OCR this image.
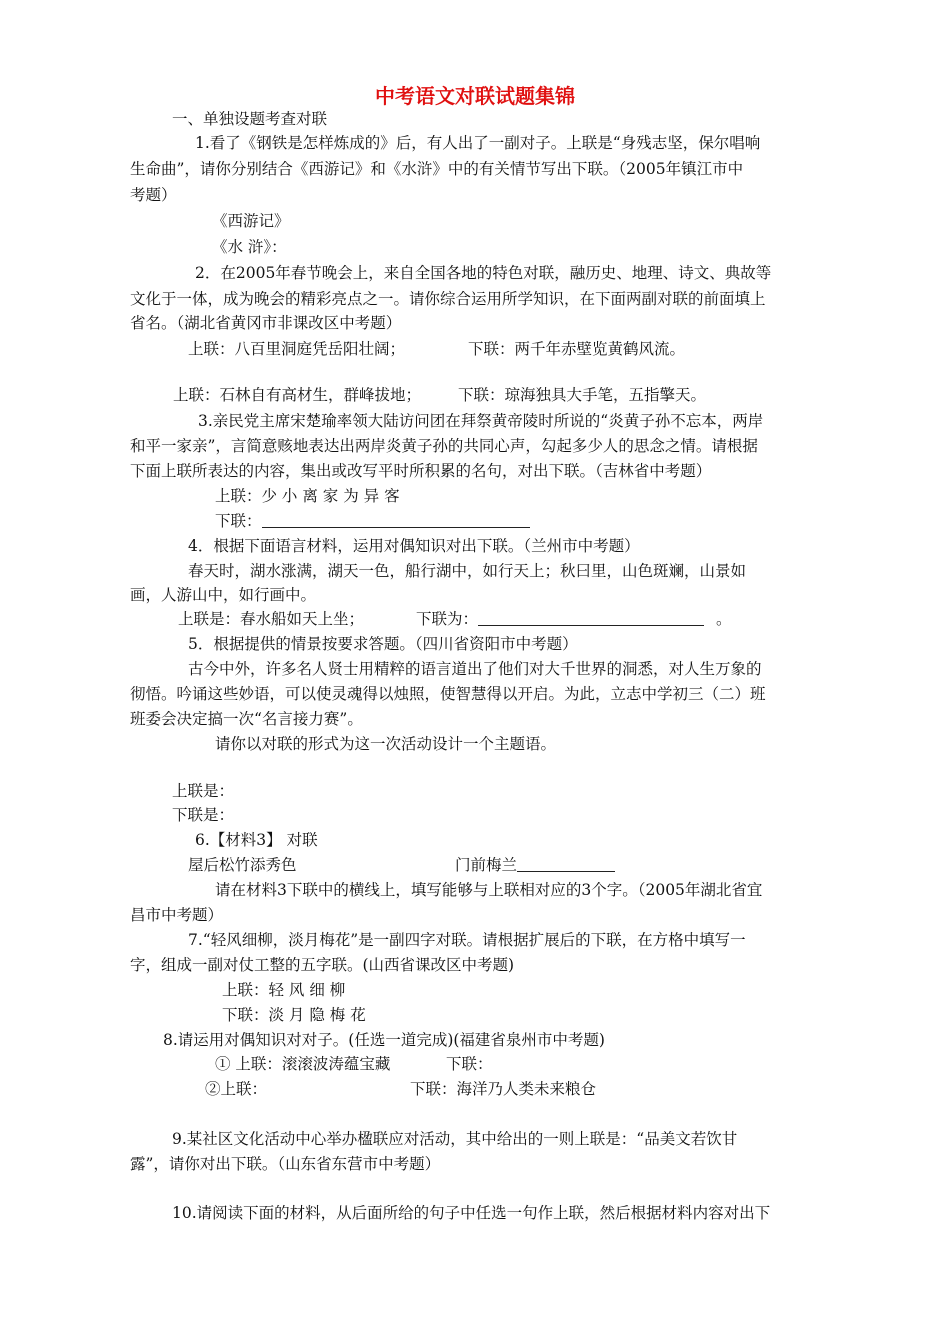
中考语文对联试题集锦
一、单独设题考查对联
1.看了《钢铁是怎样炼成的》后，有人出了一副对子。上联是“身残志坚，保尔唱响
生命曲”，请你分别结合《西游记》和《水浒》中的有关情节写出下联。（2005年镇江市中
考题）
《西游记》
《水 浒》：
2．在2005年春节晚会上，来自全国各地的特色对联，融历史、地理、诗文、典故等
文化于一体，成为晚会的精彩亮点之一。请你综合运用所学知识，在下面两副对联的前面填上
省名。（湖北省黄冈市非课改区中考题）
上联：八百里洞庭凭岳阳壮阔；	下联：两千年赤壁览黄鹤风流。
上联：石林自有高材生，群峰拔地； 下联：琼海独具大手笔，五指擎天。
3.亲民党主席宋楚瑜率领大陆访问团在拜祭黄帝陵时所说的“炎黄子孙不忘本，两岸
和平一家亲”，言简意赅地表达出两岸炎黄子孙的共同心声，勾起多少人的思念之情。请根据
下面上联所表达的内容，集出或改写平时所积累的名句，对出下联。（吉林省中考题）
上联：少 小 离 家 为 异 客
下联：
4．根据下面语言材料，运用对偶知识对出下联。（兰州市中考题）
春天时，湖水涨满，湖天一色，船行湖中，如行天上；秋曰里，山色斑斓，山景如
画，人游山中，如行画中。
上联是：春水船如天上坐；	下联为：	。
5．根据提供的情景按要求答题。（四川省资阳市中考题）
古今中外，许多名人贤士用精粹的语言道出了他们对大千世界的洞悉，对人生万象的
彻悟。吟诵这些妙语，可以使灵魂得以烛照，使智慧得以开启。为此，立志中学初三（二）班
班委会决定搞一次“名言接力赛”。
请你以对联的形式为这一次活动设计一个主题语。
上联是：
下联是：
6.【材料3】 对联
屋后松竹添秀色	门前梅兰
请在材料3下联中的横线上，填写能够与上联相对应的3个字。（2005年湖北省宜
昌市中考题）
7.“轻风细柳，淡月梅花”是一副四字对联。请根据扩展后的下联，在方格中填写一
字，组成一副对仗工整的五字联。(山西省课改区中考题)
上联：轻 风 细 柳
下联：淡 月 隐 梅 花
8.请运用对偶知识对对子。(任选一道完成)(福建省泉州市中考题)
① 上联：滚滚波涛蕴宝藏	下联：
②上联：	下联：海洋乃人类未来粮仓
9.某社区文化活动中心举办楹联应对活动，其中给出的一则上联是：“品美文若饮甘
露”，请你对出下联。（山东省东营市中考题）
10.请阅读下面的材料，从后面所给的句子中任选一句作上联，然后根据材料内容对出下
